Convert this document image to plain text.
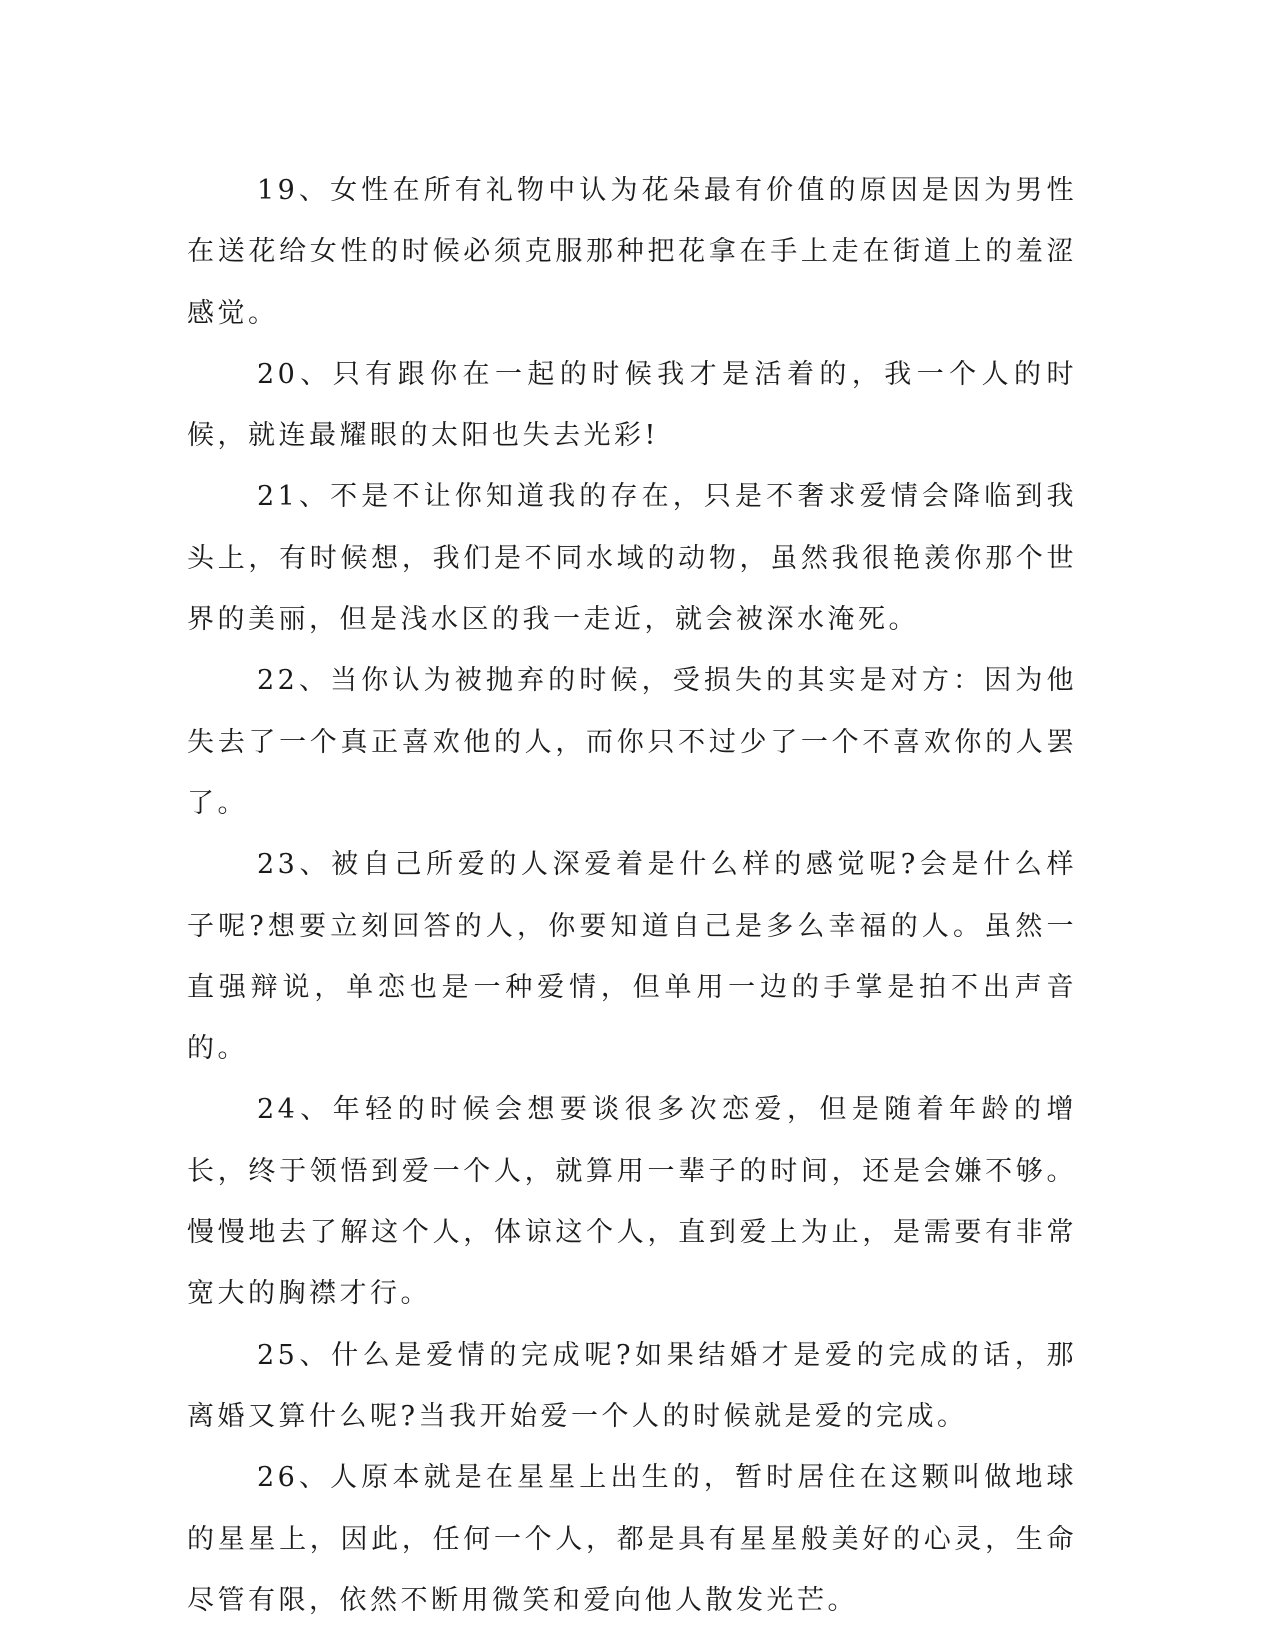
19、女性在所有礼物中认为花朵最有价值的原因是因为男性在送花给女性的时候必须克服那种把花拿在手上走在街道上的羞涩感觉。

20、只有跟你在一起的时候我才是活着的，我一个人的时候，就连最耀眼的太阳也失去光彩!

21、不是不让你知道我的存在，只是不奢求爱情会降临到我头上，有时候想，我们是不同水域的动物，虽然我很艳羡你那个世界的美丽，但是浅水区的我一走近，就会被深水淹死。

22、当你认为被抛弃的时候，受损失的其实是对方：因为他失去了一个真正喜欢他的人，而你只不过少了一个不喜欢你的人罢了。

23、被自己所爱的人深爱着是什么样的感觉呢?会是什么样子呢?想要立刻回答的人，你要知道自己是多么幸福的人。虽然一直强辩说，单恋也是一种爱情，但单用一边的手掌是拍不出声音的。

24、年轻的时候会想要谈很多次恋爱，但是随着年龄的增长，终于领悟到爱一个人，就算用一辈子的时间，还是会嫌不够。慢慢地去了解这个人，体谅这个人，直到爱上为止，是需要有非常宽大的胸襟才行。

25、什么是爱情的完成呢?如果结婚才是爱的完成的话，那离婚又算什么呢?当我开始爱一个人的时候就是爱的完成。

26、人原本就是在星星上出生的，暂时居住在这颗叫做地球的星星上，因此，任何一个人，都是具有星星般美好的心灵，生命尽管有限，依然不断用微笑和爱向他人散发光芒。
